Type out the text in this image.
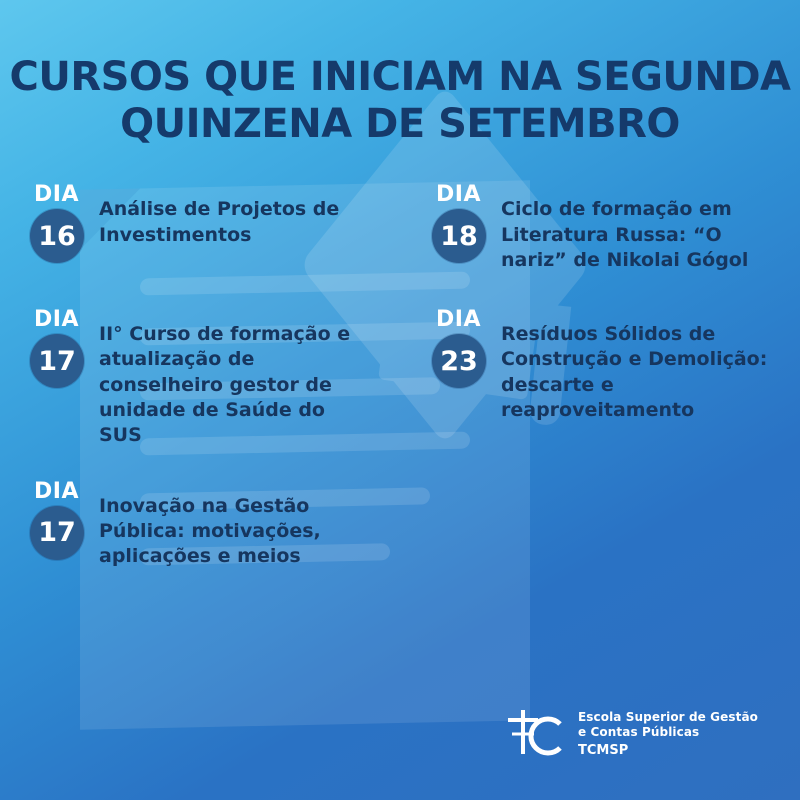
CURSOS QUE INICIAM NA SEGUNDA
QUINZENA DE SETEMBRO
DIA
16
Análise de Projetos de Investimentos
DIA
18
Ciclo de formação em Literatura Russa: “O nariz” de Nikolai Gógol
DIA
17
II° Curso de formação e atualização de conselheiro gestor de unidade de Saúde do SUS
DIA
23
Resíduos Sólidos de Construção e Demolição: descarte e reaproveitamento
DIA
17
Inovação na Gestão Pública: motivações, aplicações e meios
Escola Superior de Gestão
e Contas Públicas
TCMSP
